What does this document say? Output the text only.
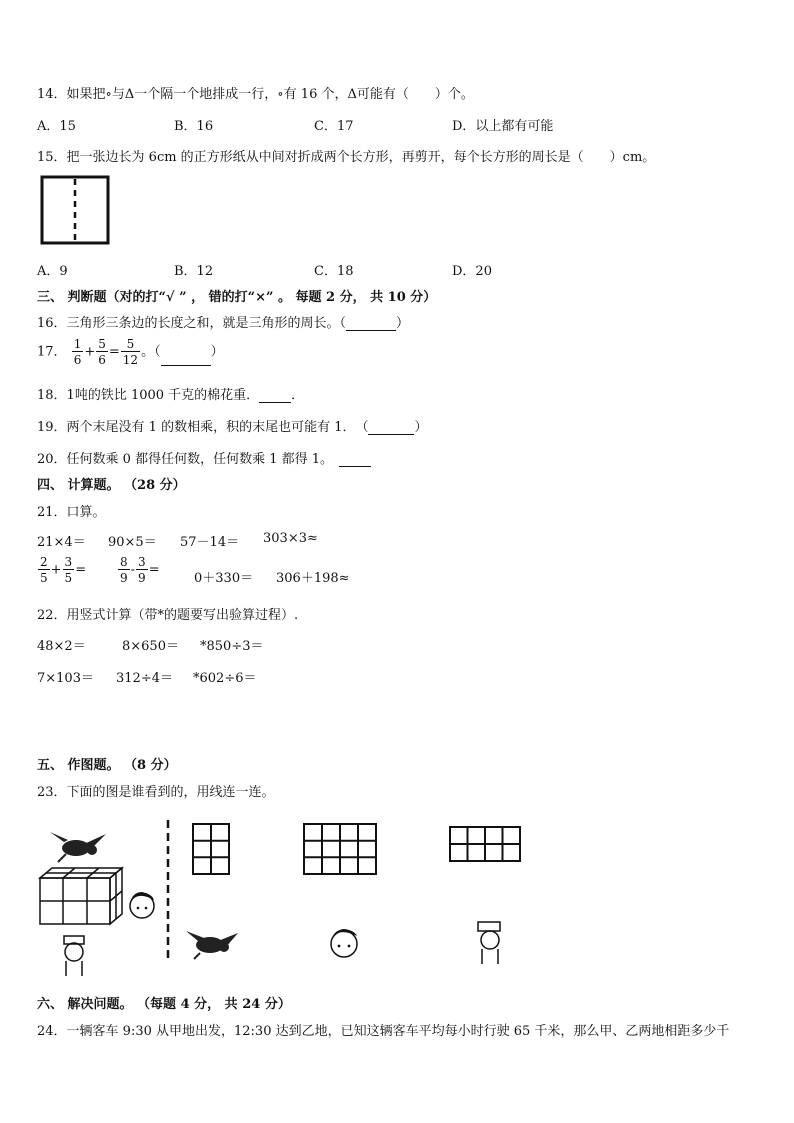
14．如果把∘与Δ一个隔一个地排成一行，∘有 16 个，Δ可能有（　　）个。
A．15	B．16	C．17	D．以上都有可能
15．把一张边长为 6cm 的正方形纸从中间对折成两个长方形，再剪开，每个长方形的周长是（　　）cm。
A．9	B．12	C．18	D．20
三、 判断题（对的打“√ ” ， 错的打“×” 。 每题 2 分， 共 10 分）
16．三角形三条边的长度之和，就是三角形的周长。（	）
17． $\frac{1}{6} + \frac{5}{6} = \frac{5}{12}$ 。（	）
18．1吨的铁比 1000 千克的棉花重． ．
19．两个末尾没有 1 的数相乘，积的末尾也可能有 1．　（	）
20．任何数乘 0 都得任何数，任何数乘 1 都得 1。
四、 计算题。 （28 分）
21．口算。
21×4＝ 90×5＝ 57－14＝ 303×3≈
$\frac{2}{5} + \frac{3}{5}$ =	$\frac{8}{9} - \frac{3}{9}$ =
0＋330＝ 306＋198≈
22．用竖式计算（带*的题要写出验算过程）.
48×2＝	8×650＝ *850÷3＝
7×103＝ 312÷4＝ *602÷6＝
五、 作图题。 （8 分）
23．下面的图是谁看到的，用线连一连。
六、 解决问题。 （每题 4 分， 共 24 分）
24．一辆客车 9:30 从甲地出发，12:30 达到乙地，已知这辆客车平均每小时行驶 65 千米，那么甲、乙两地相距多少千
